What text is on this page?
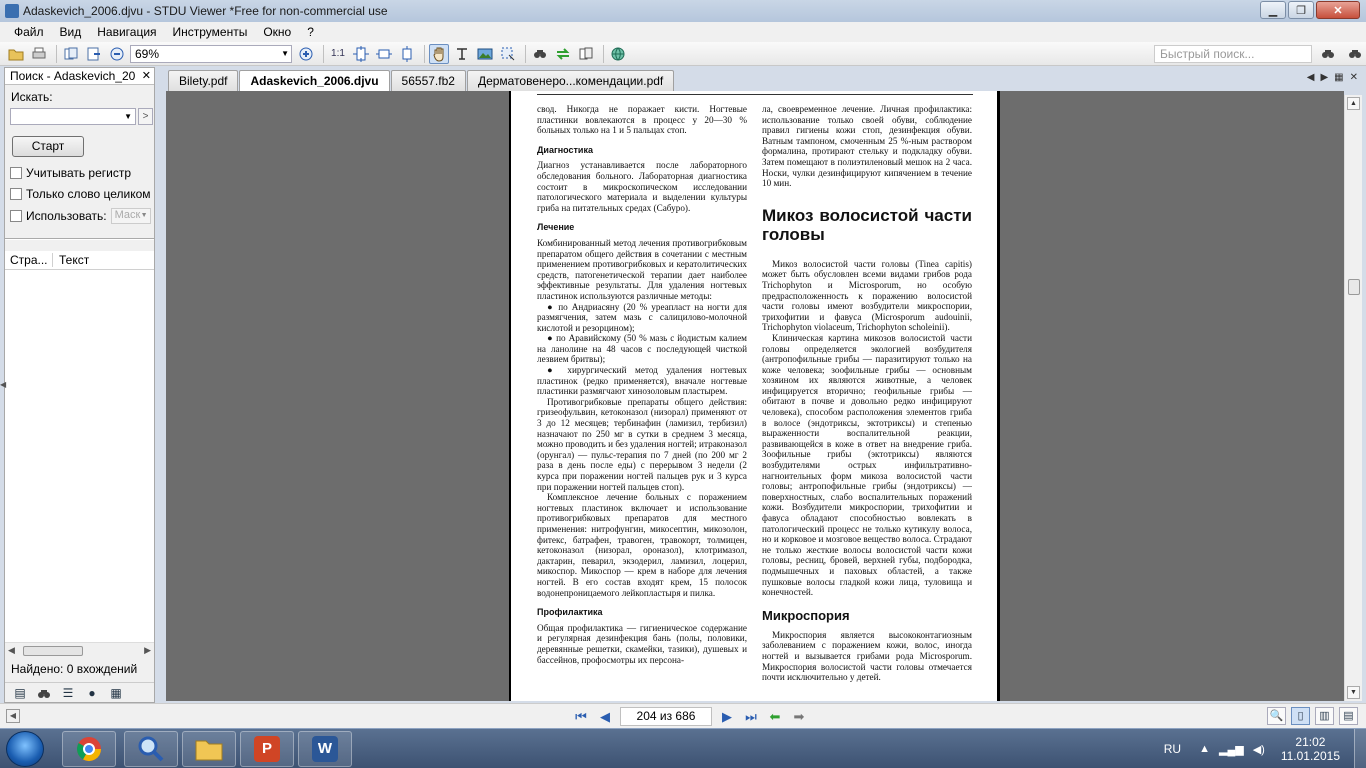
Adaskevich_2006.djvu - STDU Viewer *Free for non-commercial use	▁	❐	✕
Файл	Вид	Навигация	Инструменты	Окно	?
69%	▼	1:1	Быстрый поиск...
Поиск - Adaskevich_20 ✕
Искать:
▼	>
Старт
Учитывать регистр
Только слово целиком
Использовать: Маск ▼
Стра... Текст
◀	▶
Найдено: 0 вхождений
▤	☰	●	▦
◀
Bilety.pdf	Adaskevich_2006.djvu	56557.fb2	Дерматовенеро...комендации.pdf	◀ ▶ ▦ ✕

свод. Никогда не поражает кисти. Ногтевые пластинки вовлекаются в процесс у 20—30 % больных только на 1 и 5 пальцах стоп.

Диагностика

Диагноз устанавливается после лабораторного обследования больного. Лабораторная диагностика состоит в микроскопическом исследовании патологического материала и выделении культуры гриба на питательных средах (Сабуро).

Лечение

Комбинированный метод лечения противогрибковым препаратом общего действия в сочетании с местным применением противогрибковых и кератолитических средств, патогенетической терапии дает наиболее эффективные результаты. Для удаления ногтевых пластинок используются различные методы:

● по Андриасяну (20 % уреапласт на ногти для размягчения, затем мазь с салицилово-молочной кислотой и резорцином);

● по Аравийскому (50 % мазь с йодистым калием на ланолине на 48 часов с последующей чисткой лезвием бритвы);

● хирургический метод удаления ногтевых пластинок (редко применяется), вначале ногтевые пластинки размягчают хинозоловым пластырем.

Противогрибковые препараты общего действия: гризеофульвин, кетоконазол (низорал) применяют от 3 до 12 месяцев; тербинафин (ламизил, тербизил) назначают по 250 мг в сутки в среднем 3 месяца, можно проводить и без удаления ногтей; итраконазол (орунгал) — пульс-терапия по 7 дней (по 200 мг 2 раза в день после еды) с перерывом 3 недели (2 курса при поражении ногтей пальцев рук и 3 курса при поражении ногтей пальцев стоп).

Комплексное лечение больных с поражением ногтевых пластинок включает и использование противогрибковых препаратов для местного применения: нитрофунгин, микосептин, микозолон, фитекс, батрафен, травоген, травокорт, толмицен, кетоконазол (низорал, ороназол), клотримазол, дактарин, певарил, экзодерил, ламизил, лоцерил, микоспор. Микоспор — крем в наборе для лечения ногтей. В его состав входят крем, 15 полосок водонепроницаемого лейкопластыря и пилка.

Профилактика

Общая профилактика — гигиеническое содержание и регулярная дезинфекция бань (полы, половики, деревянные решетки, скамейки, тазики), душевых и бассейнов, профосмотры их персона-

ла, своевременное лечение. Личная профилактика: использование только своей обуви, соблюдение правил гигиены кожи стоп, дезинфекция обуви. Ватным тампоном, смоченным 25 %-ным раствором формалина, протирают стельку и подкладку обуви. Затем помещают в полиэтиленовый мешок на 2 часа. Носки, чулки дезинфицируют кипячением в течение 10 мин.

Микоз волосистой части головы

Микоз волосистой части головы (Tinea capitis) может быть обусловлен всеми видами грибов рода Trichophyton и Microsporum, но особую предрасположенность к поражению волосистой части головы имеют возбудители микроспории, трихофитии и фавуса (Microsporum audouinii, Trichophyton violaceum, Trichophyton scholeinii).

Клиническая картина микозов волосистой части головы определяется экологией возбудителя (антропофильные грибы — паразитируют только на коже человека; зоофильные грибы — основным хозяином их являются животные, а человек инфицируется вторично; геофильные грибы — обитают в почве и довольно редко инфицируют человека), способом расположения элементов гриба в волосе (эндотриксы, эктотриксы) и степенью выраженности воспалительной реакции, развивающейся в коже в ответ на внедрение гриба. Зоофильные грибы (эктотриксы) являются возбудителями острых инфильтративно-нагноительных форм микоза волосистой части головы; антропофильные грибы (эндотриксы) — поверхностных, слабо воспалительных поражений кожи. Возбудители микроспории, трихофитии и фавуса обладают способностью вовлекать в патологический процесс не только кутикулу волоса, но и корковое и мозговое вещество волоса. Страдают не только жесткие волосы волосистой части кожи головы, ресниц, бровей, верхней губы, подбородка, подмышечных и паховых областей, а также пушковые волосы гладкой кожи лица, туловища и конечностей.

Микроспория

Микроспория является высококонтагиозным заболеванием с поражением кожи, волос, иногда ногтей и вызывается грибами рода Microsporum. Микроспория волосистой части головы отмечается почти исключительно у детей.

▲
▼
◀	⏮	◀	204 из 686	▶	⏭ ⬅ ➡	🔍	▯	▥	▤
P	W	RU ▲ ▂▄▆ ◀)
21:02
11.01.2015
